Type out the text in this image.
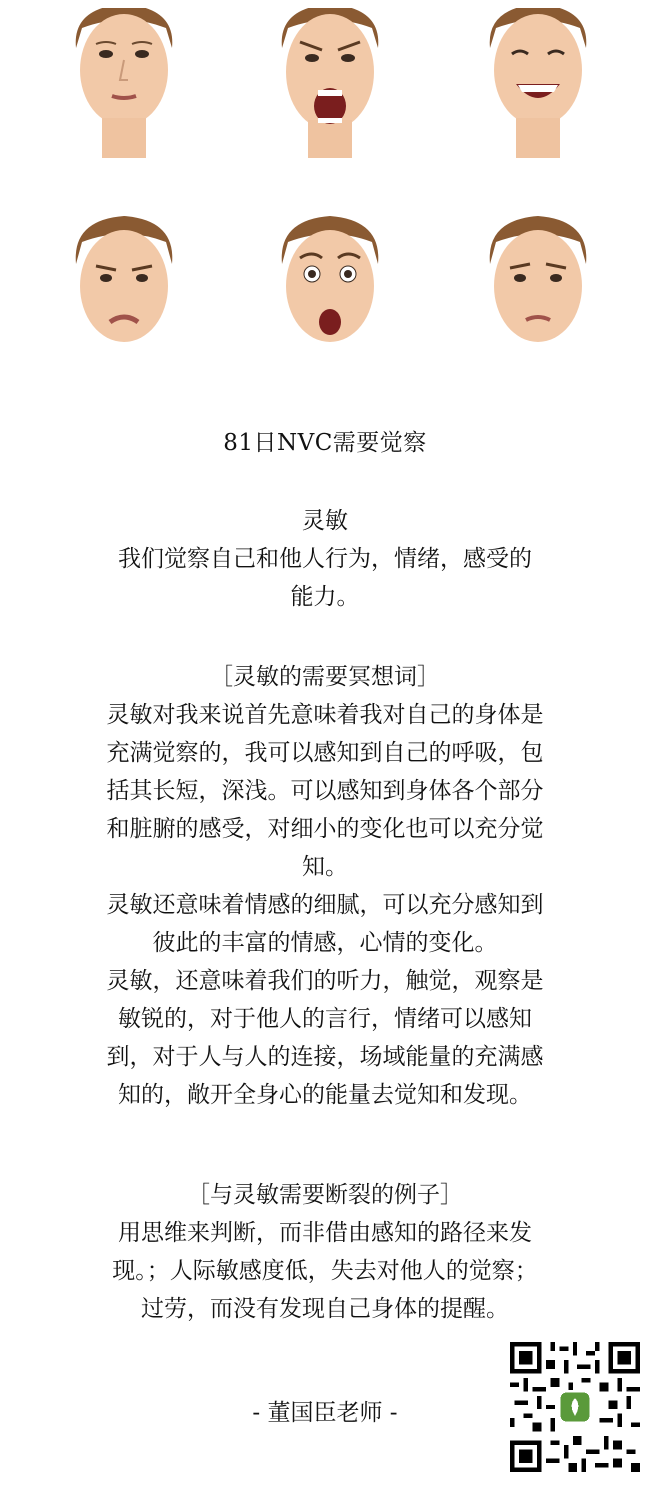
81日NVC需要觉察

灵敏

我们觉察自己和他人行为，情绪，感受的

能力。

［灵敏的需要冥想词］

灵敏对我来说首先意味着我对自己的身体是

充满觉察的，我可以感知到自己的呼吸，包

括其长短，深浅。可以感知到身体各个部分

和脏腑的感受，对细小的变化也可以充分觉

知。

灵敏还意味着情感的细腻，可以充分感知到

彼此的丰富的情感，心情的变化。

灵敏，还意味着我们的听力，触觉，观察是

敏锐的，对于他人的言行，情绪可以感知

到，对于人与人的连接，场域能量的充满感

知的，敞开全身心的能量去觉知和发现。

［与灵敏需要断裂的例子］

用思维来判断，而非借由感知的路径来发

现。；人际敏感度低，失去对他人的觉察；

过劳，而没有发现自己身体的提醒。

- 董国臣老师 -
